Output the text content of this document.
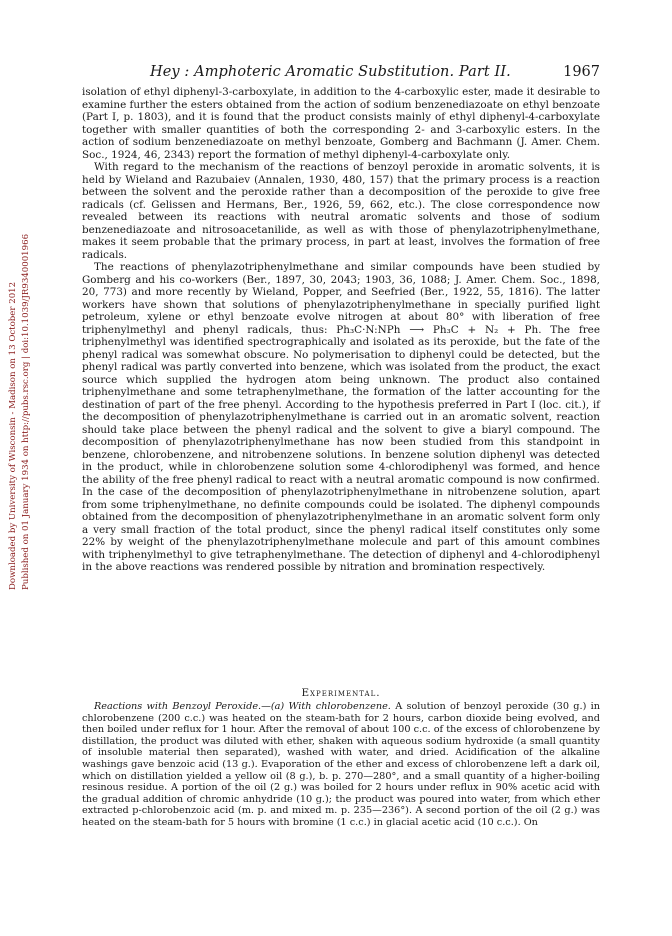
Downloaded by University of Wisconsin - Madison on 13 October 2012 Published on 01 January 1934 on http://pubs.rsc.org | doi:10.1039/JR9340001966
Hey : Amphoteric Aromatic Substitution. Part II.	1967

isolation of ethyl diphenyl-3-carboxylate, in addition to the 4-carboxylic ester, made it desirable to examine further the esters obtained from the action of sodium benzenediazoate on ethyl benzoate (Part I, p. 1803), and it is found that the product consists mainly of ethyl diphenyl-4-carboxylate together with smaller quantities of both the corresponding 2- and 3-carboxylic esters. In the action of sodium benzenediazoate on methyl benzoate, Gomberg and Bachmann (J. Amer. Chem. Soc., 1924, 46, 2343) report the formation of methyl diphenyl-4-carboxylate only.

With regard to the mechanism of the reactions of benzoyl peroxide in aromatic solvents, it is held by Wieland and Razubaiev (Annalen, 1930, 480, 157) that the primary process is a reaction between the solvent and the peroxide rather than a decomposition of the peroxide to give free radicals (cf. Gelissen and Hermans, Ber., 1926, 59, 662, etc.). The close correspondence now revealed between its reactions with neutral aromatic solvents and those of sodium benzenediazoate and nitrosoacetanilide, as well as with those of phenylazotriphenylmethane, makes it seem probable that the primary process, in part at least, involves the formation of free radicals.

The reactions of phenylazotriphenylmethane and similar compounds have been studied by Gomberg and his co-workers (Ber., 1897, 30, 2043; 1903, 36, 1088; J. Amer. Chem. Soc., 1898, 20, 773) and more recently by Wieland, Popper, and Seefried (Ber., 1922, 55, 1816). The latter workers have shown that solutions of phenylazotriphenylmethane in specially purified light petroleum, xylene or ethyl benzoate evolve nitrogen at about 80° with liberation of free triphenylmethyl and phenyl radicals, thus: Ph₃C·N:NPh ⟶ Ph₃C + N₂ + Ph. The free triphenylmethyl was identified spectrographically and isolated as its peroxide, but the fate of the phenyl radical was somewhat obscure. No polymerisation to diphenyl could be detected, but the phenyl radical was partly converted into benzene, which was isolated from the product, the exact source which supplied the hydrogen atom being unknown. The product also contained triphenylmethane and some tetraphenylmethane, the formation of the latter accounting for the destination of part of the free phenyl. According to the hypothesis preferred in Part I (loc. cit.), if the decomposition of phenylazotriphenylmethane is carried out in an aromatic solvent, reaction should take place between the phenyl radical and the solvent to give a biaryl compound. The decomposition of phenylazotriphenylmethane has now been studied from this standpoint in benzene, chlorobenzene, and nitrobenzene solutions. In benzene solution diphenyl was detected in the product, while in chlorobenzene solution some 4-chlorodiphenyl was formed, and hence the ability of the free phenyl radical to react with a neutral aromatic compound is now confirmed. In the case of the decomposition of phenylazotriphenylmethane in nitrobenzene solution, apart from some triphenylmethane, no definite compounds could be isolated. The diphenyl compounds obtained from the decomposition of phenylazotriphenylmethane in an aromatic solvent form only a very small fraction of the total product, since the phenyl radical itself constitutes only some 22% by weight of the phenylazotriphenylmethane molecule and part of this amount combines with triphenylmethyl to give tetraphenylmethane. The detection of diphenyl and 4-chlorodiphenyl in the above reactions was rendered possible by nitration and bromination respectively.

Experimental.

Reactions with Benzoyl Peroxide.—(a) With chlorobenzene. A solution of benzoyl peroxide (30 g.) in chlorobenzene (200 c.c.) was heated on the steam-bath for 2 hours, carbon dioxide being evolved, and then boiled under reflux for 1 hour. After the removal of about 100 c.c. of the excess of chlorobenzene by distillation, the product was diluted with ether, shaken with aqueous sodium hydroxide (a small quantity of insoluble material then separated), washed with water, and dried. Acidification of the alkaline washings gave benzoic acid (13 g.). Evaporation of the ether and excess of chlorobenzene left a dark oil, which on distillation yielded a yellow oil (8 g.), b. p. 270—280°, and a small quantity of a higher-boiling resinous residue. A portion of the oil (2 g.) was boiled for 2 hours under reflux in 90% acetic acid with the gradual addition of chromic anhydride (10 g.); the product was poured into water, from which ether extracted p-chlorobenzoic acid (m. p. and mixed m. p. 235—236°). A second portion of the oil (2 g.) was heated on the steam-bath for 5 hours with bromine (1 c.c.) in glacial acetic acid (10 c.c.). On
